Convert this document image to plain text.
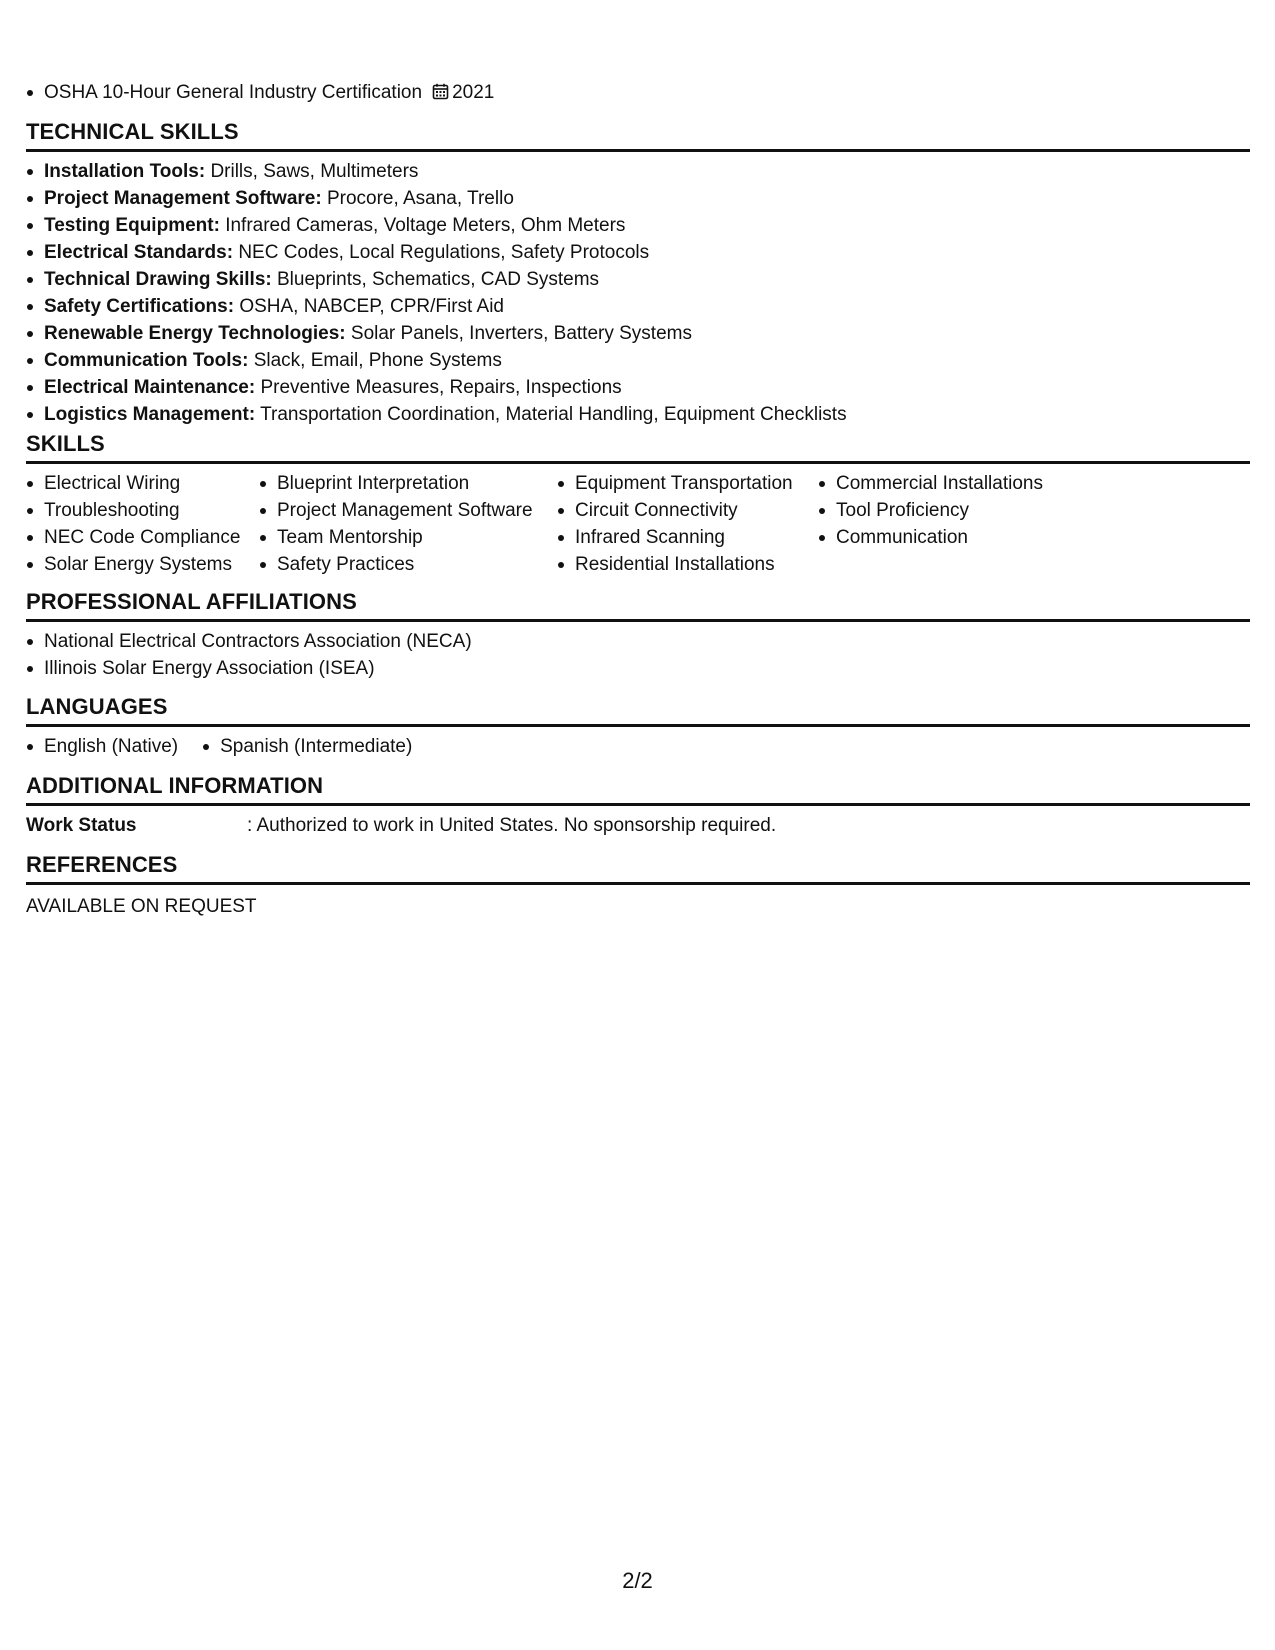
OSHA 10-Hour General Industry Certification 2021
TECHNICAL SKILLS
Installation Tools: Drills, Saws, Multimeters
Project Management Software: Procore, Asana, Trello
Testing Equipment: Infrared Cameras, Voltage Meters, Ohm Meters
Electrical Standards: NEC Codes, Local Regulations, Safety Protocols
Technical Drawing Skills: Blueprints, Schematics, CAD Systems
Safety Certifications: OSHA, NABCEP, CPR/First Aid
Renewable Energy Technologies: Solar Panels, Inverters, Battery Systems
Communication Tools: Slack, Email, Phone Systems
Electrical Maintenance: Preventive Measures, Repairs, Inspections
Logistics Management: Transportation Coordination, Material Handling, Equipment Checklists
SKILLS
Electrical Wiring
Troubleshooting
NEC Code Compliance
Solar Energy Systems
Blueprint Interpretation
Project Management Software
Team Mentorship
Safety Practices
Equipment Transportation
Circuit Connectivity
Infrared Scanning
Residential Installations
Commercial Installations
Tool Proficiency
Communication
PROFESSIONAL AFFILIATIONS
National Electrical Contractors Association (NECA)
Illinois Solar Energy Association (ISEA)
LANGUAGES
English (Native)	Spanish (Intermediate)
ADDITIONAL INFORMATION
Work Status	: Authorized to work in United States. No sponsorship required.
REFERENCES
AVAILABLE ON REQUEST
2/2
